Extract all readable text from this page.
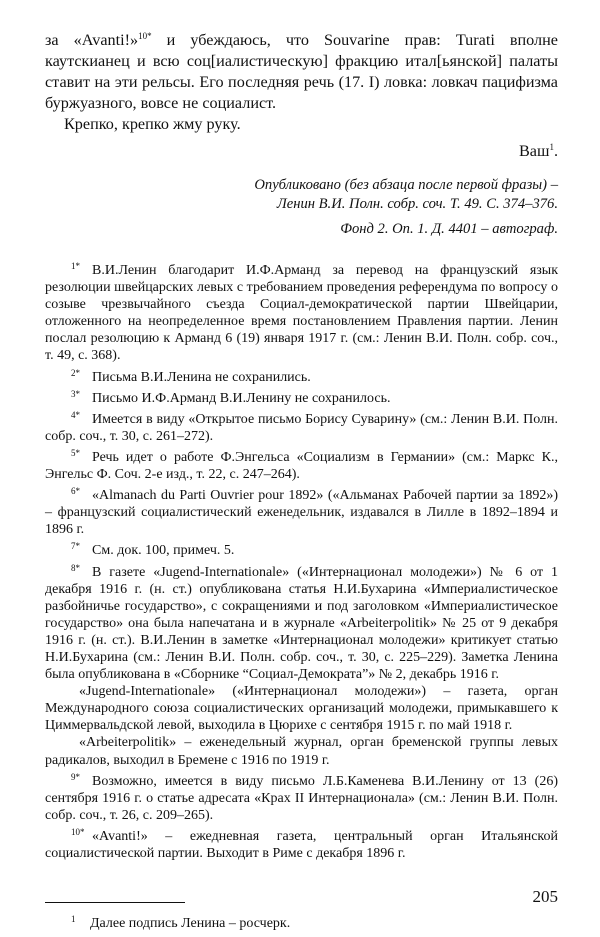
за «Avanti!»$^{10*}$ и убеждаюсь, что Souvarine прав: Turati вполне каутскианец и всю соц[иалистическую] фракцию итал[ьянской] палаты ставит на эти рельсы. Его последняя речь (17. I) ловка: ловкач пацифизма буржуазного, вовсе не социалист.

Крепко, крепко жму руку.

Ваш$^1$.
Опубликовано (без абзаца после первой фразы) –
Ленин В.И. Полн. собр. соч. Т. 49. С. 374–376.
Фонд 2. Оп. 1. Д. 4401 – автограф.

1* В.И.Ленин благодарит И.Ф.Арманд за перевод на французский язык резолюции швейцарских левых с требованием проведения референдума по вопросу о созыве чрезвычайного съезда Социал-демократической партии Швейцарии, отложенного на неопределенное время постановлением Правления партии. Ленин послал резолюцию к Арманд 6 (19) января 1917 г. (см.: Ленин В.И. Полн. собр. соч., т. 49, с. 368).

2* Письма В.И.Ленина не сохранились.

3* Письмо И.Ф.Арманд В.И.Ленину не сохранилось.

4* Имеется в виду «Открытое письмо Борису Суварину» (см.: Ленин В.И. Полн. собр. соч., т. 30, с. 261–272).

5* Речь идет о работе Ф.Энгельса «Социализм в Германии» (см.: Маркс К., Энгельс Ф. Соч. 2-е изд., т. 22, с. 247–264).

6* «Almanach du Parti Ouvrier pour 1892» («Альманах Рабочей партии за 1892») – французский социалистический еженедельник, издавался в Лилле в 1892–1894 и 1896 г.

7* См. док. 100, примеч. 5.

8* В газете «Jugend-Internationale» («Интернационал молодежи») № 6 от 1 декабря 1916 г. (н. ст.) опубликована статья Н.И.Бухарина «Империалистическое разбойничье государство», с сокращениями и под заголовком «Империалистическое государство» она была напечатана и в журнале «Arbeiterpolitik» № 25 от 9 декабря 1916 г. (н. ст.). В.И.Ленин в заметке «Интернационал молодежи» критикует статью Н.И.Бухарина (см.: Ленин В.И. Полн. собр. соч., т. 30, с. 225–229). Заметка Ленина была опубликована в «Сборнике “Социал-Демократа”» № 2, декабрь 1916 г.

«Jugend-Internationale» («Интернационал молодежи») – газета, орган Международного союза социалистических организаций молодежи, примыкавшего к Циммервальдской левой, выходила в Цюрихе с сентября 1915 г. по май 1918 г.

«Arbeiterpolitik» – еженедельный журнал, орган бременской группы левых радикалов, выходил в Бремене с 1916 по 1919 г.

9* Возможно, имеется в виду письмо Л.Б.Каменева В.И.Ленину от 13 (26) сентября 1916 г. о статье адресата «Крах II Интернационала» (см.: Ленин В.И. Полн. собр. соч., т. 26, с. 209–265).

10* «Avanti!» – ежедневная газета, центральный орган Итальянской социалистической партии. Выходит в Риме с декабря 1896 г.

1 Далее подпись Ленина – росчерк.
205
